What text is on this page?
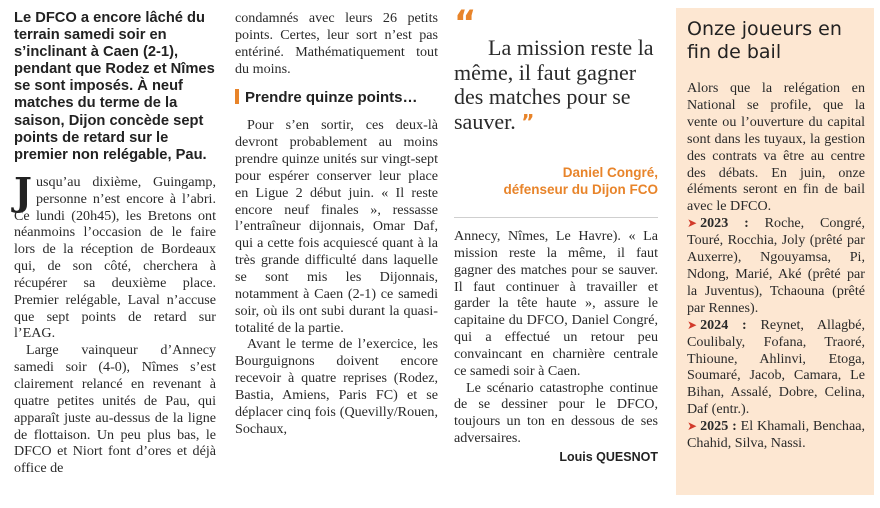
Le DFCO a encore lâché du terrain samedi soir en s’inclinant à Caen (2-1), pendant que Rodez et Nîmes se sont imposés. À neuf matches du terme de la saison, Dijon concède sept points de retard sur le premier non relégable, Pau.

Jusqu’au dixième, Guingamp, personne n’est encore à l’abri. Ce lundi (20h45), les Bretons ont néanmoins l’occasion de le faire lors de la réception de Bordeaux qui, de son côté, cherchera à récupérer sa deuxième place. Premier relégable, Laval n’accuse que sept points de retard sur l’EAG.

Large vainqueur d’Annecy samedi soir (4-0), Nîmes s’est clairement relancé en revenant à quatre petites unités de Pau, qui apparaît juste au-dessus de la ligne de flottaison. Un peu plus bas, le DFCO et Niort font d’ores et déjà office de

condamnés avec leurs 26 petits points. Certes, leur sort n’est pas entériné. Mathématiquement tout du moins.

Prendre quinze points…

Pour s’en sortir, ces deux-là devront probablement au moins prendre quinze unités sur vingt-sept pour espérer conserver leur place en Ligue 2 début juin. « Il reste encore neuf finales », ressasse l’entraîneur dijonnais, Omar Daf, qui a cette fois acquiescé quant à la très grande difficulté dans laquelle se sont mis les Dijonnais, notamment à Caen (2-1) ce samedi soir, où ils ont subi durant la quasi-totalité de la partie.

Avant le terme de l’exercice, les Bourguignons doivent encore recevoir à quatre reprises (Rodez, Bastia, Amiens, Paris FC) et se déplacer cinq fois (Quevilly/Rouen, Sochaux,

“
La mission reste la même, il faut gagner des matches pour se sauver. ”
Daniel Congré,
défenseur du Dijon FCO

Annecy, Nîmes, Le Havre). « La mission reste la même, il faut gagner des matches pour se sauver. Il faut continuer à travailler et garder la tête haute », assure le capitaine du DFCO, Daniel Congré, qui a effectué un retour peu convaincant en charnière centrale ce samedi soir à Caen.

Le scénario catastrophe continue de se dessiner pour le DFCO, toujours un ton en dessous de ses adversaires.

Louis QUESNOT
Onze joueurs en fin de bail

Alors que la relégation en National se profile, que la vente ou l’ouverture du capital sont dans les tuyaux, la gestion des contrats va être au centre des débats. En juin, onze éléments seront en fin de bail avec le DFCO.

➤ 2023 : Roche, Congré, Touré, Rocchia, Joly (prêté par Auxerre), Ngouyamsa, Pi, Ndong, Marié, Aké (prêté par la Juventus), Tchaouna (prêté par Rennes).

➤ 2024 : Reynet, Allagbé, Coulibaly, Fofana, Traoré, Thioune, Ahlinvi, Etoga, Soumaré, Jacob, Camara, Le Bihan, Assalé, Dobre, Celina, Daf (entr.).

➤ 2025 : El Khamali, Benchaa, Chahid, Silva, Nassi.
